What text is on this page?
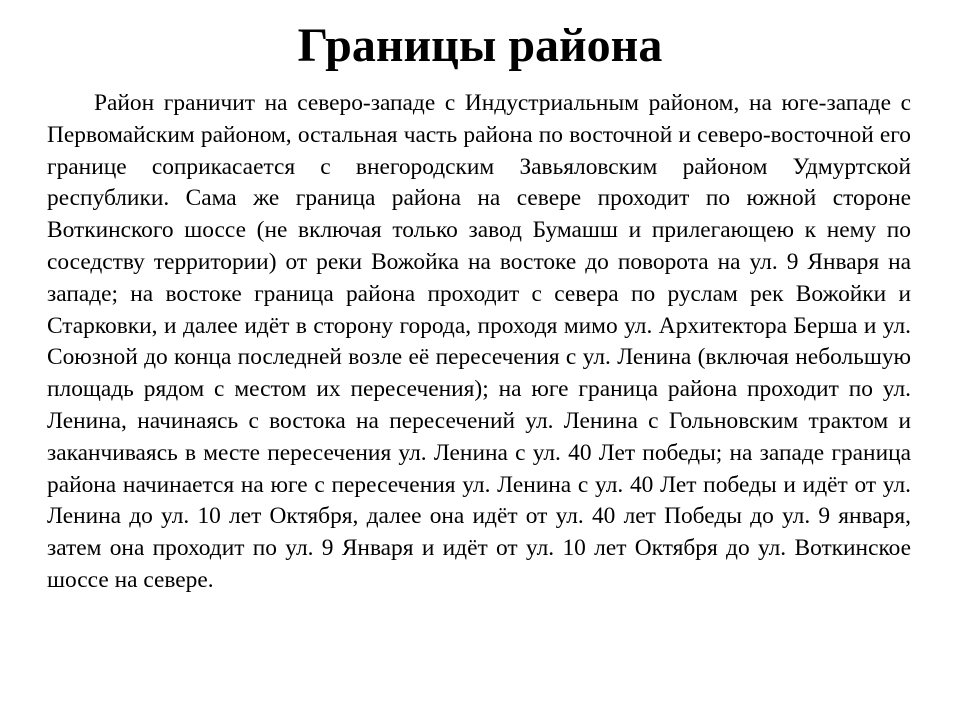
Границы района

Район граничит на северо-западе с Индустриальным районом, на юге-западе с Первомайским районом, остальная часть района по восточной и северо-восточной его границе соприкасается с внегородским Завьяловским районом Удмуртской республики. Сама же граница района на севере проходит по южной стороне Воткинского шоссе (не включая только завод Бумашш и прилегающею к нему по соседству территории) от реки Вожойка на востоке до поворота на ул. 9 Января на западе; на востоке граница района проходит с севера по руслам рек Вожойки и Старковки, и далее идёт в сторону города, проходя мимо ул. Архитектора Берша и ул. Союзной до конца последней возле её пересечения с ул. Ленина (включая небольшую площадь рядом с местом их пересечения); на юге граница района проходит по ул. Ленина, начинаясь с востока на пересечений ул. Ленина с Гольновским трактом и заканчиваясь в месте пересечения ул. Ленина с ул. 40 Лет победы; на западе граница района начинается на юге с пересечения ул. Ленина с ул. 40 Лет победы и идёт от ул. Ленина до ул. 10 лет Октября, далее она идёт от ул. 40 лет Победы до ул. 9 января, затем она проходит по ул. 9 Января и идёт от ул. 10 лет Октября до ул. Воткинское шоссе на севере.
